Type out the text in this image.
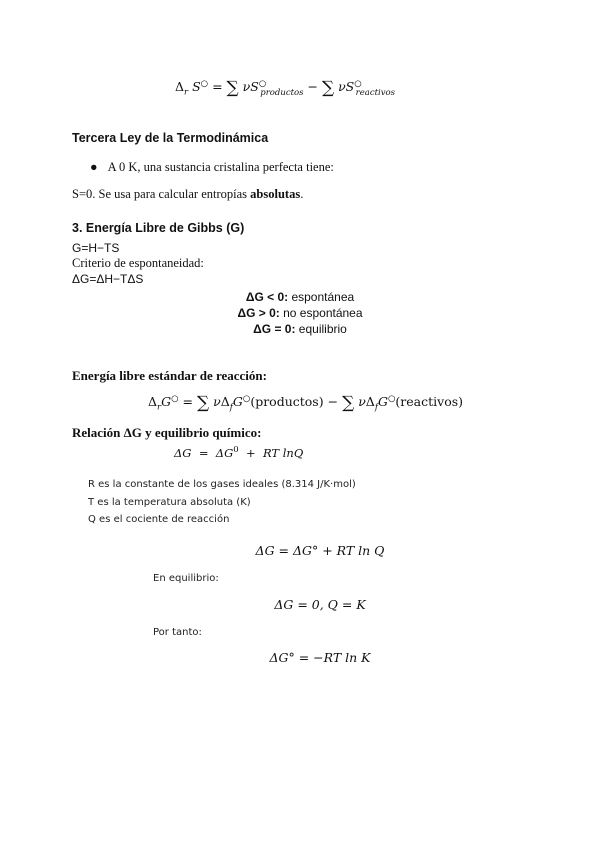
$\Delta_r$ S○ = ∑ $\nu S^○_{productos}$ − ∑ $\nu S^○_{reactivos}$
Tercera Ley de la Termodinámica
● A 0 K, una sustancia cristalina perfecta tiene:
S=0. Se usa para calcular entropías absolutas.
3. Energía Libre de Gibbs (G)
G=H−TS
Criterio de espontaneidad:
ΔG=ΔH−TΔS
ΔG < 0: espontánea
ΔG > 0: no espontánea
ΔG = 0: equilibrio
Energía libre estándar de reacción:
$\Delta_rG^○$ = ∑ $\nu\Delta_fG^○(productos)$ − ∑ $\nu\Delta_fG^○(reactivos)$
Relación ΔG y equilibrio químico:
$\Delta G = \Delta G^0$ + RT lnQ
R es la constante de los gases ideales (8.314 J/K·mol)
T es la temperatura absoluta (K)
Q es el cociente de reacción
ΔG = ΔG° + RT ln Q
En equilibrio:
ΔG = 0, Q = K
Por tanto:
ΔG° = −RT ln K
